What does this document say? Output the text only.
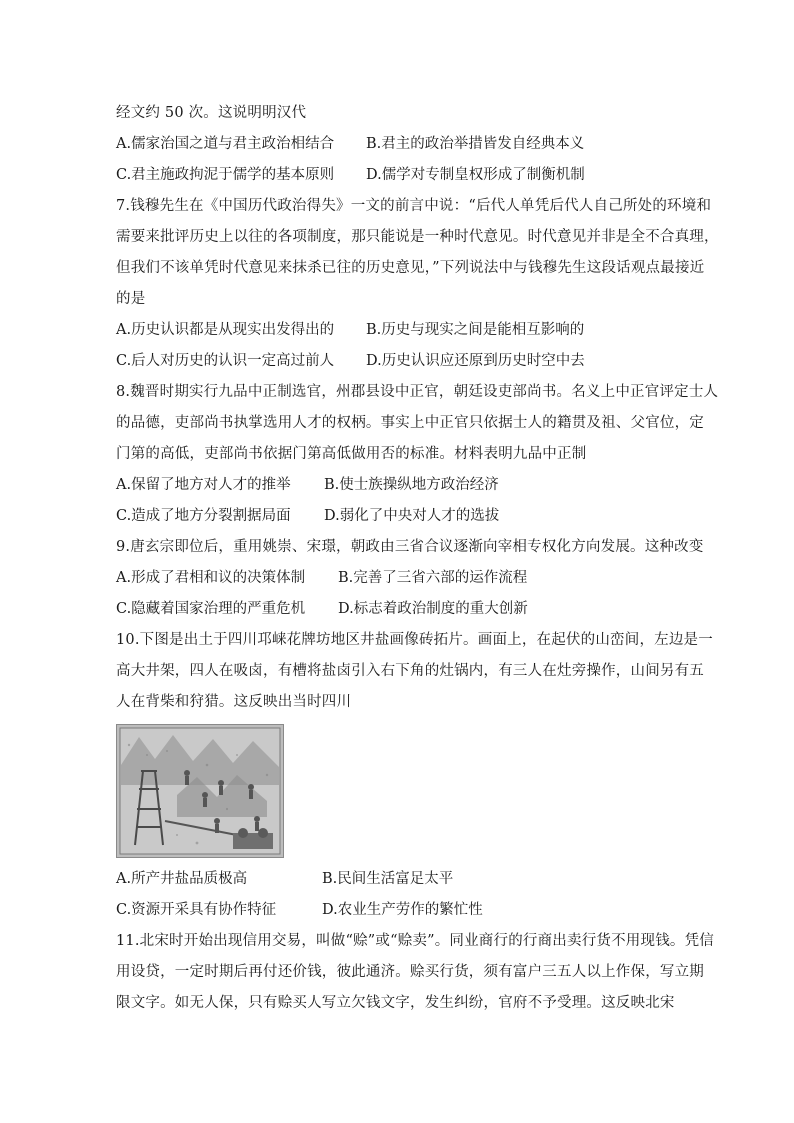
经文约 50 次。这说明明汉代
A.儒家治国之道与君主政治相结合	B.君主的政治举措皆发自经典本义
C.君主施政拘泥于儒学的基本原则	D.儒学对专制皇权形成了制衡机制
7.钱穆先生在《中国历代政治得失》一文的前言中说：“后代人单凭后代人自己所处的环境和
需要来批评历史上以往的各项制度，那只能说是一种时代意见。时代意见并非是全不合真理，
但我们不该单凭时代意见来抹杀已往的历史意见，”下列说法中与钱穆先生这段话观点最接近
的是
A.历史认识都是从现实出发得出的	B.历史与现实之间是能相互影响的
C.后人对历史的认识一定高过前人	D.历史认识应还原到历史时空中去
8.魏晋时期实行九品中正制选官，州郡县设中正官，朝廷设吏部尚书。名义上中正官评定士人
的品德，吏部尚书执掌选用人才的权柄。事实上中正官只依据士人的籍贯及祖、父官位，定
门第的高低，吏部尚书依据门第高低做用否的标准。材料表明九品中正制
A.保留了地方对人才的推举	B.使士族操纵地方政治经济
C.造成了地方分裂割据局面	D.弱化了中央对人才的选拔
9.唐玄宗即位后，重用姚崇、宋璟，朝政由三省合议逐渐向宰相专权化方向发展。这种改变
A.形成了君相和议的决策体制	B.完善了三省六部的运作流程
C.隐藏着国家治理的严重危机	D.标志着政治制度的重大创新
10.下图是出土于四川邛崃花牌坊地区井盐画像砖拓片。画面上，在起伏的山峦间，左边是一
高大井架，四人在吸卤，有槽将盐卤引入右下角的灶锅内，有三人在灶旁操作，山间另有五
人在背柴和狩猎。这反映出当时四川
A.所产井盐品质极高	B.民间生活富足太平
C.资源开采具有协作特征	D.农业生产劳作的繁忙性
11.北宋时开始出现信用交易，叫做“赊”或“赊卖”。同业商行的行商出卖行货不用现钱。凭信
用设贷，一定时期后再付还价钱，彼此通济。赊买行货，须有富户三五人以上作保，写立期
限文字。如无人保，只有赊买人写立欠钱文字，发生纠纷，官府不予受理。这反映北宋
